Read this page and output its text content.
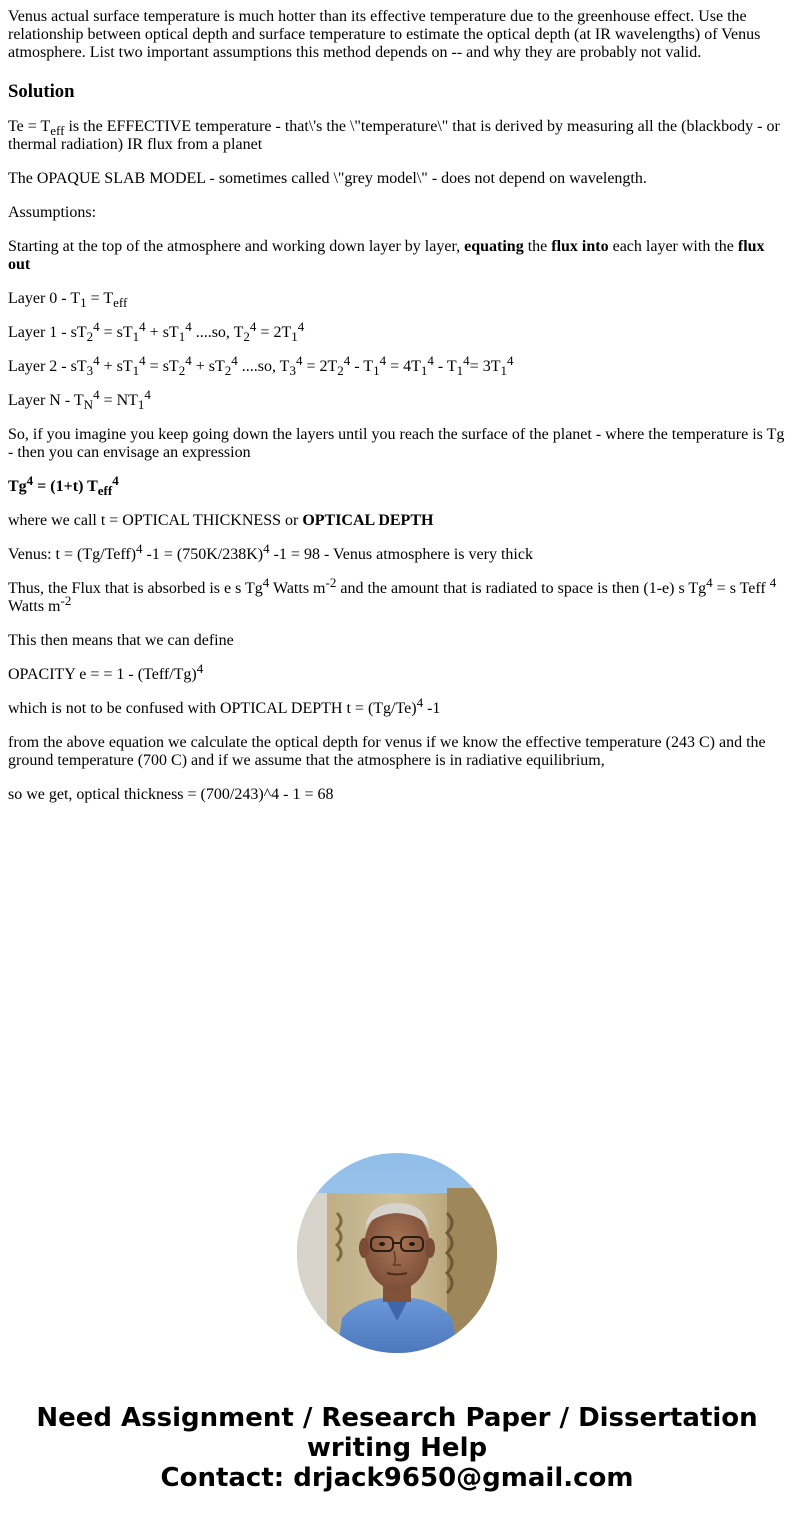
Venus actual surface temperature is much hotter than its effective temperature due to the greenhouse effect. Use the relationship between optical depth and surface temperature to estimate the optical depth (at IR wavelengths) of Venus atmosphere. List two important assumptions this method depends on -- and why they are probably not valid.

Solution

$Te = T_{eff}$ is the EFFECTIVE temperature - that\'s the \"temperature\" that is derived by measuring all the (blackbody - or thermal radiation) IR flux from a planet

The OPAQUE SLAB MODEL - sometimes called \"grey model\" - does not depend on wavelength.

Assumptions:

Starting at the top of the atmosphere and working down layer by layer, equating the flux into each layer with the flux out

Layer $0 - T_1 = T_{eff}$

Layer $1 - sT_2^4 = sT_1^4 + sT_1^4$ ....so, $T_2^4 = 2T_1^4$

Layer $2 - sT_3^4 + sT_1^4 = sT_2^4 + sT_2^4$ ....so, $T_3^4 = 2T_2^4 - T_1^4 = 4T_1^4 - T_1^4= 3T_1^4$

Layer $N - T_N^4 = NT_1^4$

So, if you imagine you keep going down the layers until you reach the surface of the planet - where the temperature is Tg - then you can envisage an expression

$Tg^4 = (1+t)$ $T_{eff}^4$

where we call t = OPTICAL THICKNESS or OPTICAL DEPTH

Venus: t = (Tg/Teff)$^4$ $-1 = (750K/238K)^4$ -1 = 98 - Venus atmosphere is very thick

Thus, the Flux that is absorbed is e s Tg$^4$ Watts $m^{-2}$ and the amount that is radiated to space is then (1-e) s $Tg^4 = s$ Teff $^4$ Watts $m^{-2}$

This then means that we can define

OPACITY e = = 1 - (Teff/Tg)$^4$

which is not to be confused with OPTICAL DEPTH $t = (Tg/Te)^4$ -1

from the above equation we calculate the optical depth for venus if we know the effective temperature (243 C) and the ground temperature (700 C) and if we assume that the atmosphere is in radiative equilibrium,

so we get, optical thickness = (700/243)^4 - 1 = 68

Need Assignment / Research Paper / Dissertation
writing Help
Contact: drjack9650@gmail.com
